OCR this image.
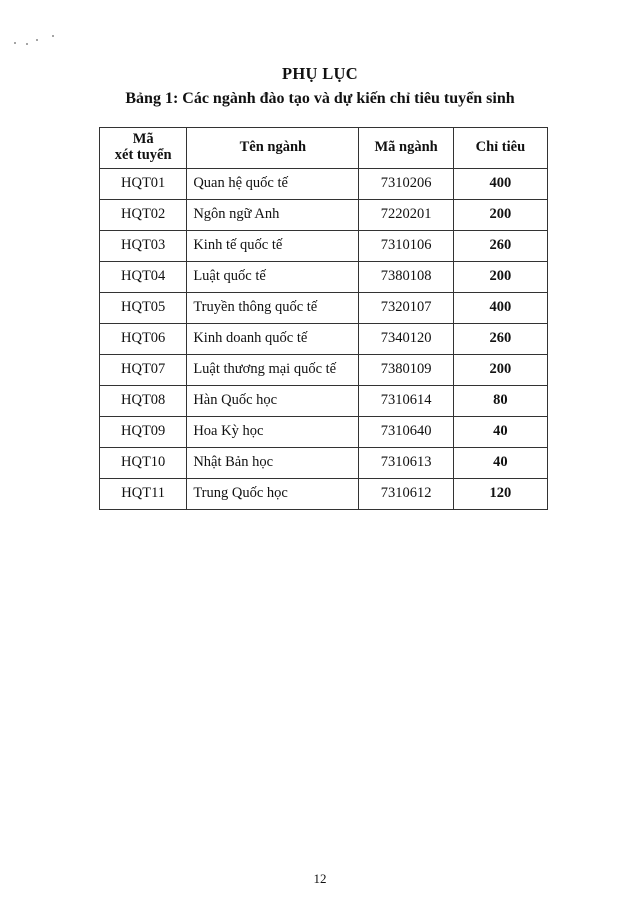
PHỤ LỤC
Bảng 1: Các ngành đào tạo và dự kiến chỉ tiêu tuyển sinh
Mã
xét tuyển	Tên ngành	Mã ngành	Chỉ tiêu
HQT01	Quan hệ quốc tế	7310206	400
HQT02	Ngôn ngữ Anh	7220201	200
HQT03	Kinh tế quốc tế	7310106	260
HQT04	Luật quốc tế	7380108	200
HQT05	Truyền thông quốc tế	7320107	400
HQT06	Kinh doanh quốc tế	7340120	260
HQT07	Luật thương mại quốc tế	7380109	200
HQT08	Hàn Quốc học	7310614	80
HQT09	Hoa Kỳ học	7310640	40
HQT10	Nhật Bản học	7310613	40
HQT11	Trung Quốc học	7310612	120
12
